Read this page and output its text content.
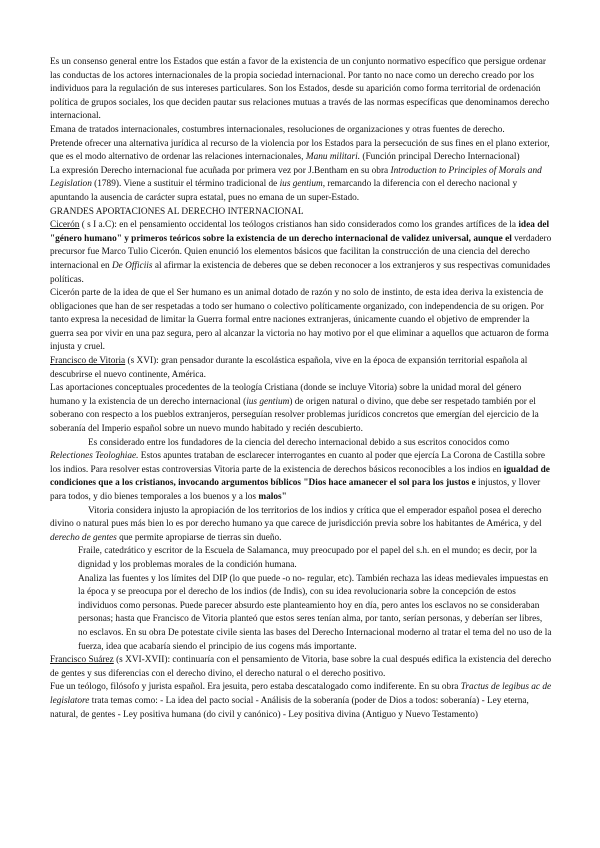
Es un consenso general entre los Estados que están a favor de la existencia de un conjunto normativo específico que persigue ordenar las conductas de los actores internacionales de la propia sociedad internacional. Por tanto no nace como un derecho creado por los individuos para la regulación de sus intereses particulares. Son los Estados, desde su aparición como forma territorial de ordenación política de grupos sociales, los que deciden pautar sus relaciones mutuas a través de las normas específicas que denominamos derecho internacional.

Emana de tratados internacionales, costumbres internacionales, resoluciones de organizaciones y otras fuentes de derecho.

Pretende ofrecer una alternativa jurídica al recurso de la violencia por los Estados para la persecución de sus fines en el plano exterior, que es el modo alternativo de ordenar las relaciones internacionales, Manu militari. (Función principal Derecho Internacional)

La expresión Derecho internacional fue acuñada por primera vez por J.Bentham en su obra Introduction to Principles of Morals and Legislation (1789). Viene a sustituir el término tradicional de ius gentium, remarcando la diferencia con el derecho nacional y apuntando la ausencia de carácter supra estatal, pues no emana de un super-Estado.

GRANDES APORTACIONES AL DERECHO INTERNACIONAL

Cicerón ( s I a.C): en el pensamiento occidental los teólogos cristianos han sido considerados como los grandes artífices de la idea del "género humano" y primeros teóricos sobre la existencia de un derecho internacional de validez universal, aunque el verdadero precursor fue Marco Tulio Cicerón. Quien enunció los elementos básicos que facilitan la construcción de una ciencia del derecho internacional en De Officiis al afirmar la existencia de deberes que se deben reconocer a los extranjeros y sus respectivas comunidades políticas.

Cicerón parte de la idea de que el Ser humano es un animal dotado de razón y no solo de instinto, de esta idea deriva la existencia de obligaciones que han de ser respetadas a todo ser humano o colectivo políticamente organizado, con independencia de su origen. Por tanto expresa la necesidad de limitar la Guerra formal entre naciones extranjeras, únicamente cuando el objetivo de emprender la guerra sea por vivir en una paz segura, pero al alcanzar la victoria no hay motivo por el que eliminar a aquellos que actuaron de forma injusta y cruel.

Francisco de Vitoria (s XVI): gran pensador durante la escolástica española, vive en la época de expansión territorial española al descubrirse el nuevo continente, América.

Las aportaciones conceptuales procedentes de la teología Cristiana (donde se incluye Vitoria) sobre la unidad moral del género humano y la existencia de un derecho internacional (ius gentium) de origen natural o divino, que debe ser respetado también por el soberano con respecto a los pueblos extranjeros, perseguían resolver problemas jurídicos concretos que emergían del ejercicio de la soberanía del Imperio español sobre un nuevo mundo habitado y recién descubierto.

Es considerado entre los fundadores de la ciencia del derecho internacional debido a sus escritos conocidos como Relectiones Teologhiae. Estos apuntes trataban de esclarecer interrogantes en cuanto al poder que ejercía La Corona de Castilla sobre los indios. Para resolver estas controversias Vitoria parte de la existencia de derechos básicos reconocibles a los indios en igualdad de condiciones que a los cristianos, invocando argumentos bíblicos "Dios hace amanecer el sol para los justos e injustos, y llover para todos, y dio bienes temporales a los buenos y a los malos"

Vitoria considera injusto la apropiación de los territorios de los indios y crítica que el emperador español posea el derecho divino o natural pues más bien lo es por derecho humano ya que carece de jurisdicción previa sobre los habitantes de América, y del derecho de gentes que permite apropiarse de tierras sin dueño.

Fraile, catedrático y escritor de la Escuela de Salamanca, muy preocupado por el papel del s.h. en el mundo; es decir, por la dignidad y los problemas morales de la condición humana.

Analiza las fuentes y los límites del DIP (lo que puede -o no- regular, etc). También rechaza las ideas medievales impuestas en la época y se preocupa por el derecho de los indios (de Indis), con su idea revolucionaria sobre la concepción de estos individuos como personas. Puede parecer absurdo este planteamiento hoy en día, pero antes los esclavos no se consideraban personas; hasta que Francisco de Vitoria planteó que estos seres tenían alma, por tanto, serían personas, y deberían ser libres, no esclavos. En su obra De potestate civile sienta las bases del Derecho Internacional moderno al tratar el tema del no uso de la fuerza, idea que acabaría siendo el principio de ius cogens más importante.

Francisco Suárez (s XVI-XVII): continuaría con el pensamiento de Vitoria, base sobre la cual después edifica la existencia del derecho de gentes y sus diferencias con el derecho divino, el derecho natural o el derecho positivo.

Fue un teólogo, filósofo y jurista español. Era jesuita, pero estaba descatalogado como indiferente. En su obra Tractus de legibus ac de legislatore trata temas como: - La idea del pacto social - Análisis de la soberanía (poder de Dios a todos: soberanía) - Ley eterna, natural, de gentes - Ley positiva humana (do civil y canónico) - Ley positiva divina (Antiguo y Nuevo Testamento)
